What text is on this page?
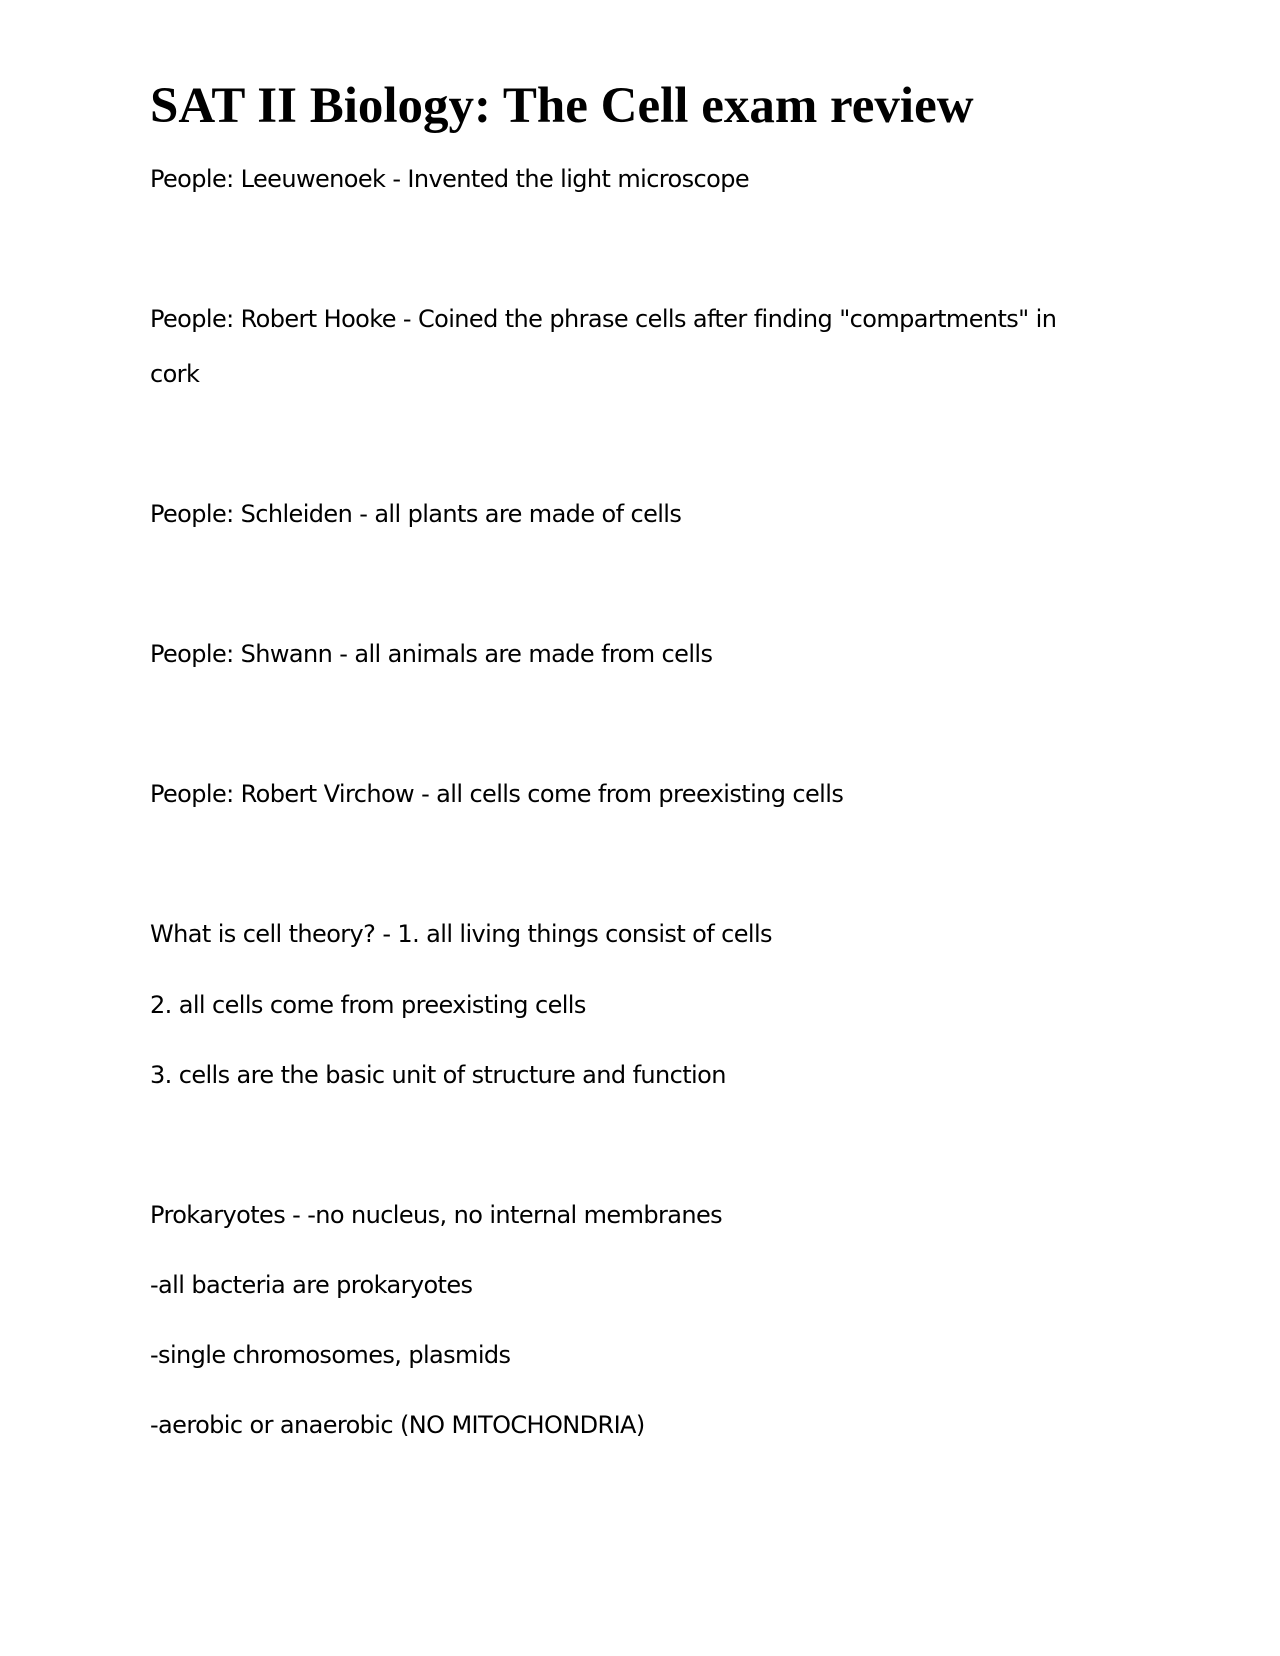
SAT II Biology: The Cell exam review

People: Leeuwenoek - Invented the light microscope

People: Robert Hooke - Coined the phrase cells after finding "compartments" in

cork

People: Schleiden - all plants are made of cells

People: Shwann - all animals are made from cells

People: Robert Virchow - all cells come from preexisting cells

What is cell theory? - 1. all living things consist of cells

2. all cells come from preexisting cells

3. cells are the basic unit of structure and function

Prokaryotes - -no nucleus, no internal membranes

-all bacteria are prokaryotes

-single chromosomes, plasmids

-aerobic or anaerobic (NO MITOCHONDRIA)
